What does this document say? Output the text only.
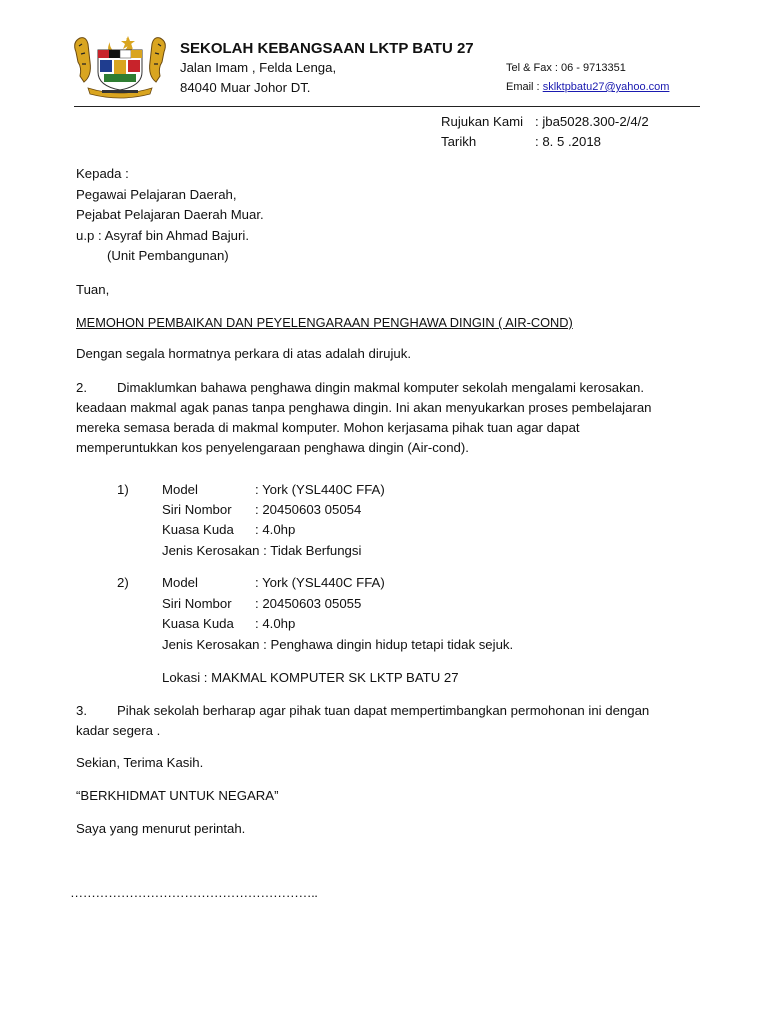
SEKOLAH KEBANGSAAN LKTP BATU 27
Jalan Imam , Felda Lenga,
84040 Muar Johor DT.
Tel & Fax : 06 - 9713351
Email : sklktpbatu27@yahoo.com
Rujukan Kami : jba5028.300-2/4/2
Tarikh	: 8. 5 .2018
Kepada :
Pegawai Pelajaran Daerah,
Pejabat Pelajaran Daerah Muar.
u.p : Asyraf bin Ahmad Bajuri.
(Unit Pembangunan)
Tuan,
MEMOHON PEMBAIKAN DAN PEYELENGARAAN PENGHAWA DINGIN ( AIR-COND)
Dengan segala hormatnya perkara di atas adalah dirujuk.
2. Dimaklumkan bahawa penghawa dingin makmal komputer sekolah mengalami kerosakan.
keadaan makmal agak panas tanpa penghawa dingin. Ini akan menyukarkan proses pembelajaran
mereka semasa berada di makmal komputer. Mohon kerjasama pihak tuan agar dapat
memperuntukkan kos penyelengaraan penghawa dingin (Air-cond).
1)	Model	: York (YSL440C FFA)
Siri Nombor : 20450603 05054
Kuasa Kuda : 4.0hp
Jenis Kerosakan : Tidak Berfungsi
2)	Model	: York (YSL440C FFA)
Siri Nombor : 20450603 05055
Kuasa Kuda : 4.0hp
Jenis Kerosakan : Penghawa dingin hidup tetapi tidak sejuk.
Lokasi : MAKMAL KOMPUTER SK LKTP BATU 27
3. Pihak sekolah berharap agar pihak tuan dapat mempertimbangkan permohonan ini dengan
kadar segera .
Sekian, Terima Kasih.
“BERKHIDMAT UNTUK NEGARA”
Saya yang menurut perintah.
…………………………………………………..
